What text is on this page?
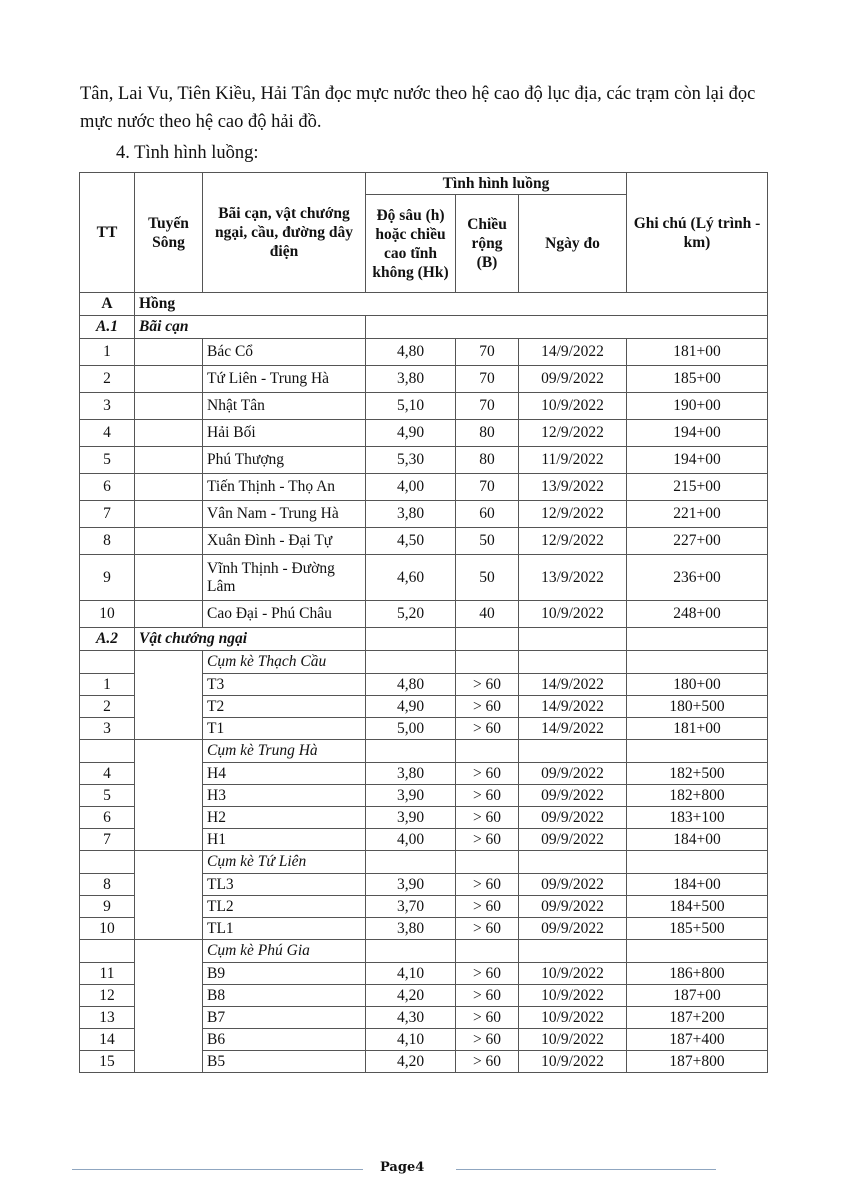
Tân, Lai Vu, Tiên Kiều, Hải Tân đọc mực nước theo hệ cao độ lục địa, các trạm còn lại đọc mực nước theo hệ cao độ hải đồ.
4. Tình hình luồng:
TT	Tuyến Sông	Bãi cạn, vật chướng ngại, cầu, đường dây điện	Tình hình luồng			Ghi chú (Lý trình - km)
			Độ sâu (h) hoặc chiều cao tĩnh không (Hk)	Chiều rộng (B)	Ngày đo	
A	Hồng					
A.1	Bãi cạn					
1		Bác Cổ	4,80	70	14/9/2022	181+00
2		Tứ Liên - Trung Hà	3,80	70	09/9/2022	185+00
3		Nhật Tân	5,10	70	10/9/2022	190+00
4		Hải Bối	4,90	80	12/9/2022	194+00
5		Phú Thượng	5,30	80	11/9/2022	194+00
6		Tiến Thịnh - Thọ An	4,00	70	13/9/2022	215+00
7		Vân Nam - Trung Hà	3,80	60	12/9/2022	221+00
8		Xuân Đình - Đại Tự	4,50	50	12/9/2022	227+00
9		Vĩnh Thịnh - Đường Lâm	4,60	50	13/9/2022	236+00
10		Cao Đại - Phú Châu	5,20	40	10/9/2022	248+00
A.2	Vật chướng ngại					
		Cụm kè Thạch Cầu				
1		T3	4,80	> 60	14/9/2022	180+00
2		T2	4,90	> 60	14/9/2022	180+500
3		T1	5,00	> 60	14/9/2022	181+00
		Cụm kè Trung Hà				
4		H4	3,80	> 60	09/9/2022	182+500
5		H3	3,90	> 60	09/9/2022	182+800
6		H2	3,90	> 60	09/9/2022	183+100
7		H1	4,00	> 60	09/9/2022	184+00
		Cụm kè Tứ Liên				
8		TL3	3,90	> 60	09/9/2022	184+00
9		TL2	3,70	> 60	09/9/2022	184+500
10		TL1	3,80	> 60	09/9/2022	185+500
		Cụm kè Phú Gia				
11		B9	4,10	> 60	10/9/2022	186+800
12		B8	4,20	> 60	10/9/2022	187+00
13		B7	4,30	> 60	10/9/2022	187+200
14		B6	4,10	> 60	10/9/2022	187+400
15		B5	4,20	> 60	10/9/2022	187+800
Page4
